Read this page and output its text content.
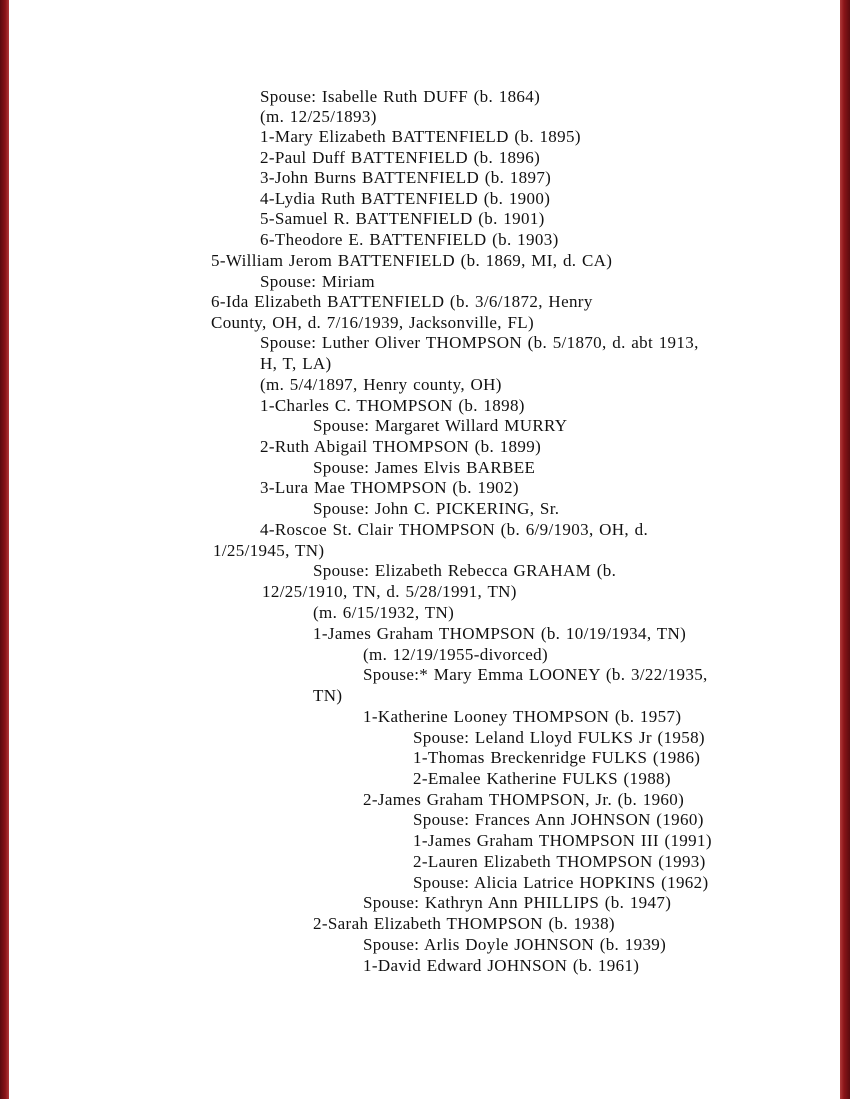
Spouse: Isabelle Ruth DUFF (b. 1864)

(m. 12/25/1893)

1-Mary Elizabeth BATTENFIELD (b. 1895)

2-Paul Duff BATTENFIELD (b. 1896)

3-John Burns BATTENFIELD (b. 1897)

4-Lydia Ruth BATTENFIELD (b. 1900)

5-Samuel R. BATTENFIELD (b. 1901)

6-Theodore E. BATTENFIELD (b. 1903)

5-William Jerom BATTENFIELD (b. 1869, MI, d. CA)

Spouse: Miriam

6-Ida Elizabeth BATTENFIELD (b. 3/6/1872, Henry

County, OH, d. 7/16/1939, Jacksonville, FL)

Spouse: Luther Oliver THOMPSON (b. 5/1870, d. abt 1913,

H, T, LA)

(m. 5/4/1897, Henry county, OH)

1-Charles C. THOMPSON (b. 1898)

Spouse: Margaret Willard MURRY

2-Ruth Abigail THOMPSON (b. 1899)

Spouse: James Elvis BARBEE

3-Lura Mae THOMPSON (b. 1902)

Spouse: John C. PICKERING, Sr.

4-Roscoe St. Clair THOMPSON (b. 6/9/1903, OH, d.

1/25/1945, TN)

Spouse: Elizabeth Rebecca GRAHAM (b.

12/25/1910, TN, d. 5/28/1991, TN)

(m. 6/15/1932, TN)

1-James Graham THOMPSON (b. 10/19/1934, TN)

(m. 12/19/1955-divorced)

Spouse:* Mary Emma LOONEY (b. 3/22/1935,

TN)

1-Katherine Looney THOMPSON (b. 1957)

Spouse: Leland Lloyd FULKS Jr (1958)

1-Thomas Breckenridge FULKS (1986)

2-Emalee Katherine FULKS (1988)

2-James Graham THOMPSON, Jr. (b. 1960)

Spouse: Frances Ann JOHNSON (1960)

1-James Graham THOMPSON III (1991)

2-Lauren Elizabeth THOMPSON (1993)

Spouse: Alicia Latrice HOPKINS (1962)

Spouse: Kathryn Ann PHILLIPS (b. 1947)

2-Sarah Elizabeth THOMPSON (b. 1938)

Spouse: Arlis Doyle JOHNSON (b. 1939)

1-David Edward JOHNSON (b. 1961)
